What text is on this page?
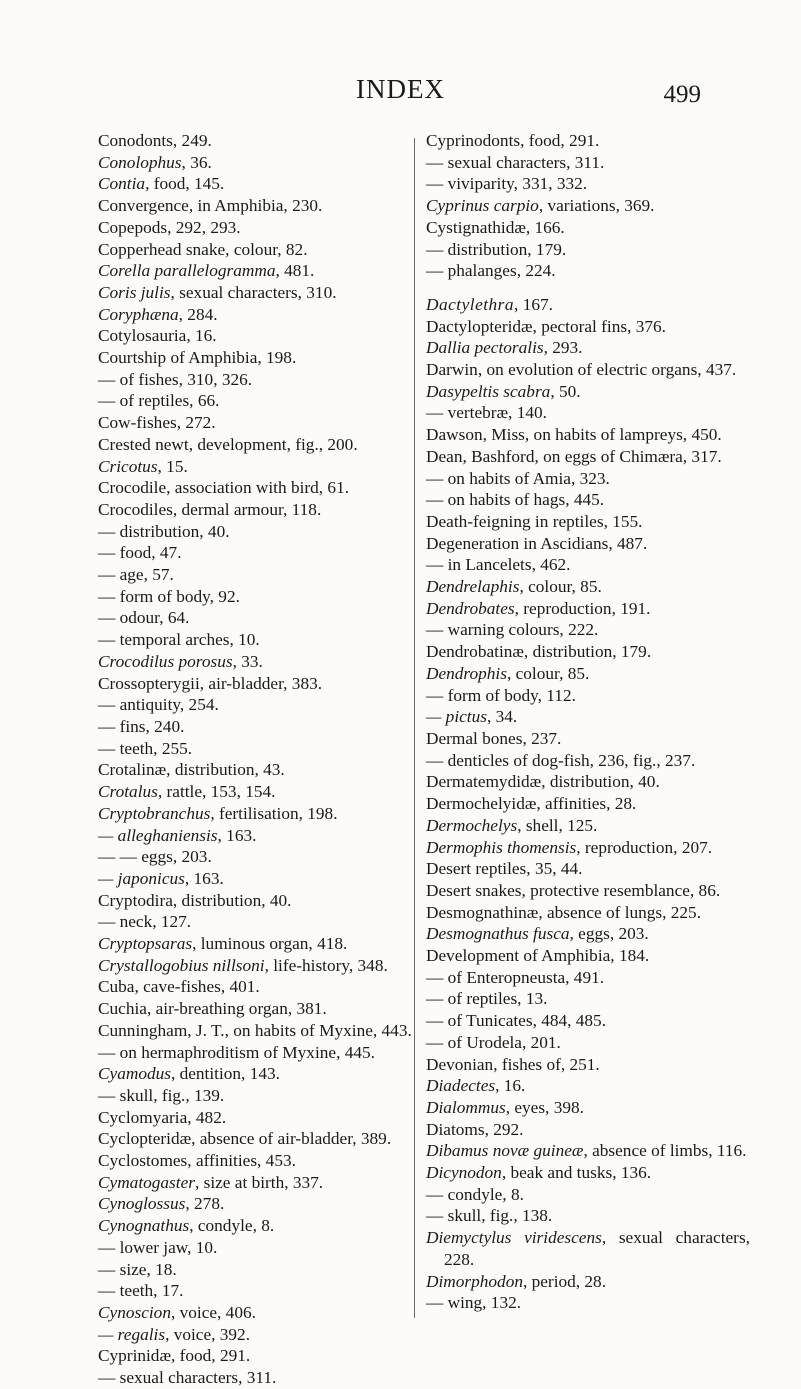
INDEX	499
Conodonts, 249.
Conolophus, 36.
Contia, food, 145.
Convergence, in Amphibia, 230.
Copepods, 292, 293.
Copperhead snake, colour, 82.
Corella parallelogramma, 481.
Coris julis, sexual characters, 310.
Coryphæna, 284.
Cotylosauria, 16.
Courtship of Amphibia, 198.
— of fishes, 310, 326.
— of reptiles, 66.
Cow-fishes, 272.
Crested newt, development, fig., 200.
Cricotus, 15.
Crocodile, association with bird, 61.
Crocodiles, dermal armour, 118.
— distribution, 40.
— food, 47.
— age, 57.
— form of body, 92.
— odour, 64.
— temporal arches, 10.
Crocodilus porosus, 33.
Crossopterygii, air-bladder, 383.
— antiquity, 254.
— fins, 240.
— teeth, 255.
Crotalinæ, distribution, 43.
Crotalus, rattle, 153, 154.
Cryptobranchus, fertilisation, 198.
— alleghaniensis, 163.
— — eggs, 203.
— japonicus, 163.
Cryptodira, distribution, 40.
— neck, 127.
Cryptopsaras, luminous organ, 418.
Crystallogobius nillsoni, life-history, 348.
Cuba, cave-fishes, 401.
Cuchia, air-breathing organ, 381.
Cunningham, J. T., on habits of Myxine, 443.
— on hermaphroditism of Myxine, 445.
Cyamodus, dentition, 143.
— skull, fig., 139.
Cyclomyaria, 482.
Cyclopteridæ, absence of air-bladder, 389.
Cyclostomes, affinities, 453.
Cymatogaster, size at birth, 337.
Cynoglossus, 278.
Cynognathus, condyle, 8.
— lower jaw, 10.
— size, 18.
— teeth, 17.
Cynoscion, voice, 406.
— regalis, voice, 392.
Cyprinidæ, food, 291.
— sexual characters, 311.
Cyprinodonts, food, 291.
— sexual characters, 311.
— viviparity, 331, 332.
Cyprinus carpio, variations, 369.
Cystignathidæ, 166.
— distribution, 179.
— phalanges, 224.
Dactylethra, 167.
Dactylopteridæ, pectoral fins, 376.
Dallia pectoralis, 293.
Darwin, on evolution of electric organs, 437.
Dasypeltis scabra, 50.
— vertebræ, 140.
Dawson, Miss, on habits of lampreys, 450.
Dean, Bashford, on eggs of Chimæra, 317.
— on habits of Amia, 323.
— on habits of hags, 445.
Death-feigning in reptiles, 155.
Degeneration in Ascidians, 487.
— in Lancelets, 462.
Dendrelaphis, colour, 85.
Dendrobates, reproduction, 191.
— warning colours, 222.
Dendrobatinæ, distribution, 179.
Dendrophis, colour, 85.
— form of body, 112.
— pictus, 34.
Dermal bones, 237.
— denticles of dog-fish, 236, fig., 237.
Dermatemydidæ, distribution, 40.
Dermochelyidæ, affinities, 28.
Dermochelys, shell, 125.
Dermophis thomensis, reproduction, 207.
Desert reptiles, 35, 44.
Desert snakes, protective resemblance, 86.
Desmognathinæ, absence of lungs, 225.
Desmognathus fusca, eggs, 203.
Development of Amphibia, 184.
— of Enteropneusta, 491.
— of reptiles, 13.
— of Tunicates, 484, 485.
— of Urodela, 201.
Devonian, fishes of, 251.
Diadectes, 16.
Dialommus, eyes, 398.
Diatoms, 292.
Dibamus novæ guineæ, absence of limbs, 116.
Dicynodon, beak and tusks, 136.
— condyle, 8.
— skull, fig., 138.
Diemyctylus viridescens, sexual characters, 228.
Dimorphodon, period, 28.
— wing, 132.
